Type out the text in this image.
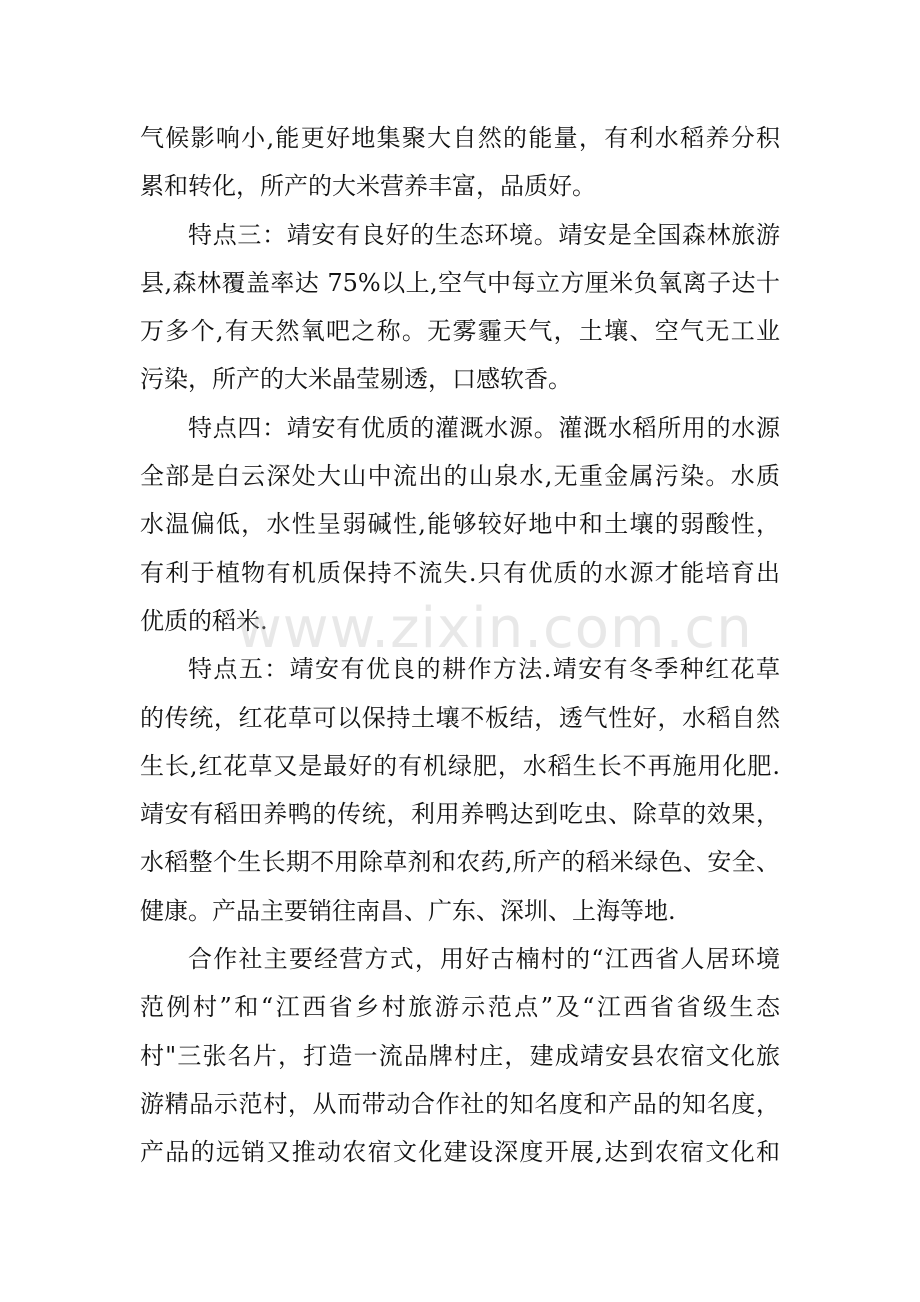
气候影响小,能更好地集聚大自然的能量，有利水稻养分积
累和转化，所产的大米营养丰富，品质好。
特点三：靖安有良好的生态环境。靖安是全国森林旅游
县,森林覆盖率达 75%以上,空气中每立方厘米负氧离子达十
万多个,有天然氧吧之称。无雾霾天气，土壤、空气无工业
污染，所产的大米晶莹剔透，口感软香。
特点四：靖安有优质的灌溉水源。灌溉水稻所用的水源
全部是白云深处大山中流出的山泉水,无重金属污染。水质
水温偏低，水性呈弱碱性,能够较好地中和土壤的弱酸性，
有利于植物有机质保持不流失.只有优质的水源才能培育出
优质的稻米.
特点五：靖安有优良的耕作方法.靖安有冬季种红花草
的传统，红花草可以保持土壤不板结，透气性好，水稻自然
生长,红花草又是最好的有机绿肥，水稻生长不再施用化肥.
靖安有稻田养鸭的传统，利用养鸭达到吃虫、除草的效果，
水稻整个生长期不用除草剂和农药,所产的稻米绿色、安全、
健康。产品主要销往南昌、广东、深圳、上海等地.
合作社主要经营方式，用好古楠村的“江西省人居环境
范例村”和“江西省乡村旅游示范点”及“江西省省级生态
村"三张名片，打造一流品牌村庄，建成靖安县农宿文化旅
游精品示范村，从而带动合作社的知名度和产品的知名度，
产品的远销又推动农宿文化建设深度开展,达到农宿文化和
www.zixin.com.cn
